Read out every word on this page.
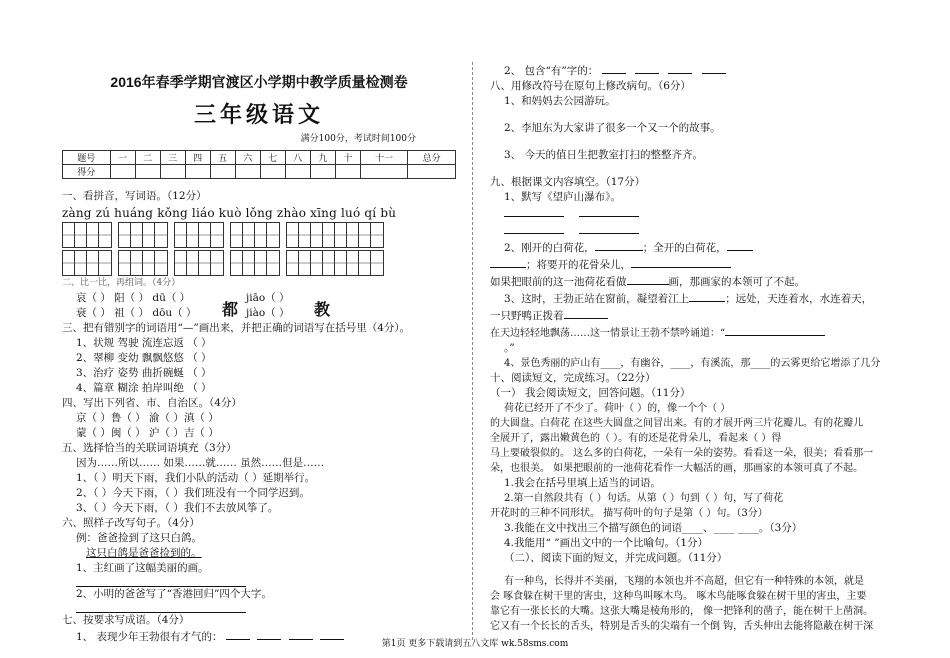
2016年春季学期官渡区小学期中教学质量检测卷
三年级语文
满分100分，考试时间100分
题号	一	二	三	四	五	六	七	八	九	十	十一	总分
得分												
一、看拼音，写词语。（12分）
zàng zú huáng kǒng liáo kuò lǒng zhào xīng luó qí bù
二、比一比，再组词。（4分）
哀（ ） 阳（ ） dū（ ）
衰（ ） 祖（ ） dōu（ ）	都
jiāo（ ）
jiào（ ） 教
三、把有错别字的词语用“—”画出来，并把正确的词语写在括号里（4分）。
1、状规 驾驶 流连忘返 （ ）
2、翠柳 变幼 飘飘悠悠 （ ）
3、治疗 姿势 曲折碗蜒 （ ）
4、篇章 糊涂 拍岸叫绝 （ ）
四、写出下列省、市、自治区。（4分）
京（ ）鲁（ ） 渝（ ）滇（ ）
蒙（ ）闽（ ） 沪（ ）吉（ ）
五、选择恰当的关联词语填充（3分）
因为……所以…… 如果……就…… 虽然……但是……
1、（ ）明天下雨，我们小队的活动（ ）延期举行。
2、（ ）今天下雨，（ ）我们班没有一个同学迟到。
3、（ ）今天下雨，（ ）我们不去放风筝了。
六、照样子改写句子。（4分）
例：爸爸捡到了这只白鸽。
这只白鸽是爸爸捡到的。
1、主红画了这幅美丽的画。
2、小明的爸爸写了“香港回归”四个大字。
七、按要求写成语。（4分）
1、 表现少年王勃很有才气的：
2、 包含“有”字的：
八、用修改符号在原句上修改病句。（6分）
1、和妈妈去公园游玩。
2、李旭东为大家讲了很多一个又一个的故事。
3、 今天的值日生把教室打扫的整整齐齐。
九、根据课文内容填空。（17分）
1、默写《望庐山瀑布》。

2、刚开的白荷花，	；全开的白荷花，
；将要开的花骨朵儿，
如果把眼前的这一池荷花看做	画，那画家的本领可了不起。
3、这时，王勃正站在窗前，凝望着江上	；远处，天连着水，水连着天，
一只野鸭正拨着
在天边轻轻地飘荡……这一情景让王勃不禁吟诵道：“
。”
4、景色秀丽的庐山有____，有幽谷，____，有溪流，那____的云雾更给它增添了几分
十、阅读短文，完成练习。（22分）
（一） 我会阅读短文，回答问题。（11分）
荷花已经开了不少了。荷叶（ ）的，像一个个（ ）
的大圆盘。白荷花 在这些大圆盘之间冒出来。有的才展开两三片花瓣儿。有的花瓣儿
全展开了，露出嫩黄色的（ ）。有的还是花骨朵儿，看起来（ ）得
马上要破裂似的。 这么多的白荷花，一朵有一朵的姿势。看看这一朵，很美；看看那一
朵，也很美。 如果把眼前的一池荷花看作一大幅活的画，那画家的本领可真了不起。
1.我会在括号里填上适当的词语。
2.第一自然段共有（ ）句话。从第（ ）句到（ ）句，写了荷花
开花时的三种不同形状。 描写荷叶的句子是第（ ）句。（3分）
3.我能在文中找出三个描写颜色的词语____、____ ____。（3分）
4.我能用“ ”画出文中的一个比喻句。（1分）
（二）、阅读下面的短文，并完成问题。（11分）
有一种鸟，长得并不美丽，飞翔的本领也并不高超，但它有一种特殊的本领，就是
会 啄食躲在树干里的害虫，这种鸟叫啄木鸟。 啄木鸟能啄食躲在树干里的害虫，主要
靠它有一张长长的大嘴。这张大嘴是棱角形的， 像一把锋利的凿子，能在树干上凿洞。
它又有一个长长的舌头，特别是舌头的尖端有一个倒 钩，舌头伸出去能将隐蔽在树干深
第1页 更多下载请到五八文库 wk.58sms.com
